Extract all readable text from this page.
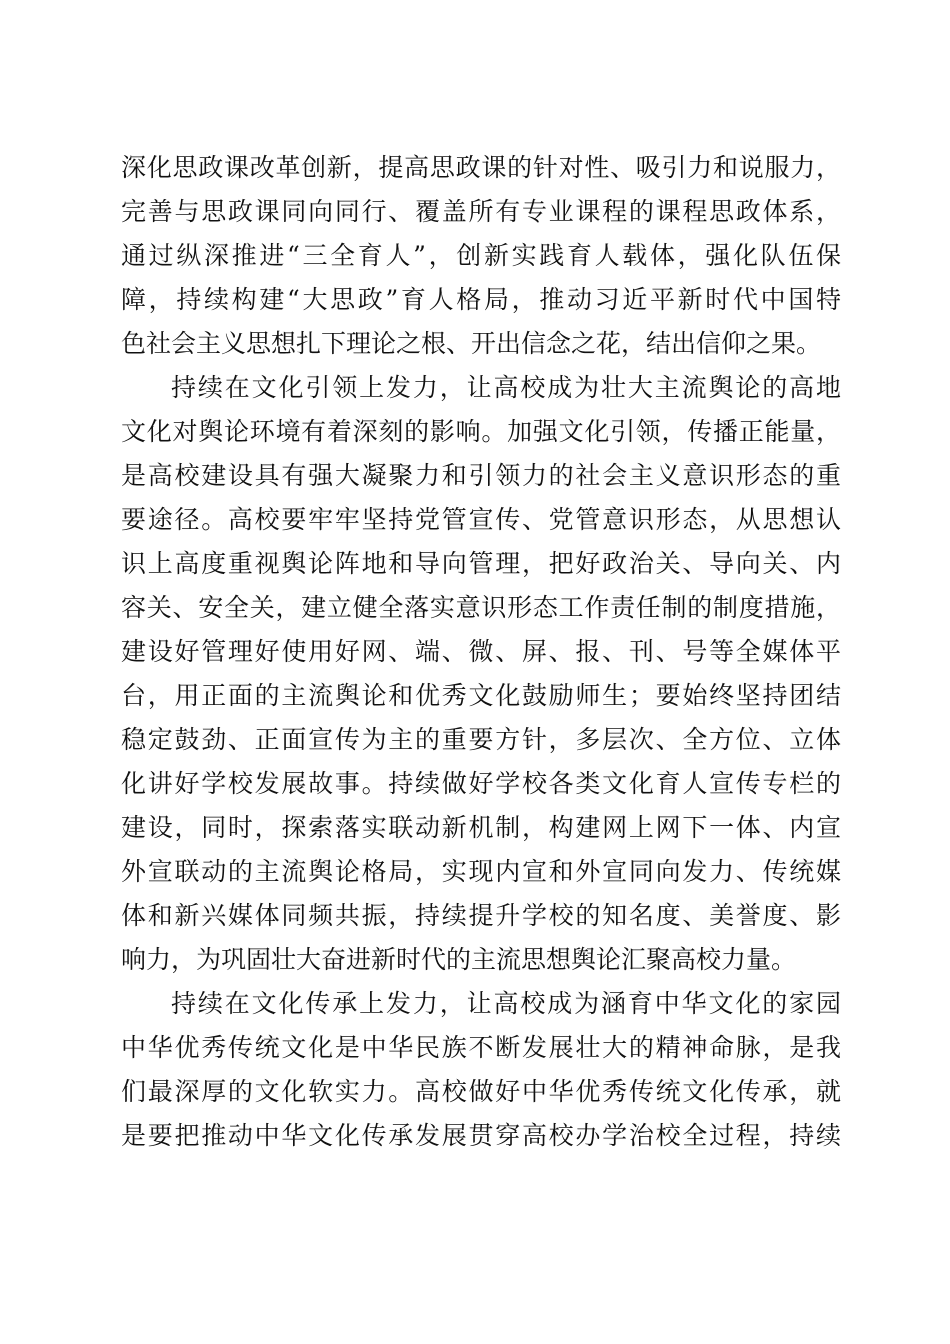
深化思政课改革创新，提高思政课的针对性、吸引力和说服力，
完善与思政课同向同行、覆盖所有专业课程的课程思政体系，
通过纵深推进“三全育人”，创新实践育人载体，强化队伍保
障，持续构建“大思政”育人格局，推动习近平新时代中国特
色社会主义思想扎下理论之根、开出信念之花，结出信仰之果。
持续在文化引领上发力，让高校成为壮大主流舆论的高地
文化对舆论环境有着深刻的影响。加强文化引领，传播正能量，
是高校建设具有强大凝聚力和引领力的社会主义意识形态的重
要途径。高校要牢牢坚持党管宣传、党管意识形态，从思想认
识上高度重视舆论阵地和导向管理，把好政治关、导向关、内
容关、安全关，建立健全落实意识形态工作责任制的制度措施，
建设好管理好使用好网、端、微、屏、报、刊、号等全媒体平
台，用正面的主流舆论和优秀文化鼓励师生；要始终坚持团结
稳定鼓劲、正面宣传为主的重要方针，多层次、全方位、立体
化讲好学校发展故事。持续做好学校各类文化育人宣传专栏的
建设，同时，探索落实联动新机制，构建网上网下一体、内宣
外宣联动的主流舆论格局，实现内宣和外宣同向发力、传统媒
体和新兴媒体同频共振，持续提升学校的知名度、美誉度、影
响力，为巩固壮大奋进新时代的主流思想舆论汇聚高校力量。
持续在文化传承上发力，让高校成为涵育中华文化的家园
中华优秀传统文化是中华民族不断发展壮大的精神命脉，是我
们最深厚的文化软实力。高校做好中华优秀传统文化传承，就
是要把推动中华文化传承发展贯穿高校办学治校全过程，持续
